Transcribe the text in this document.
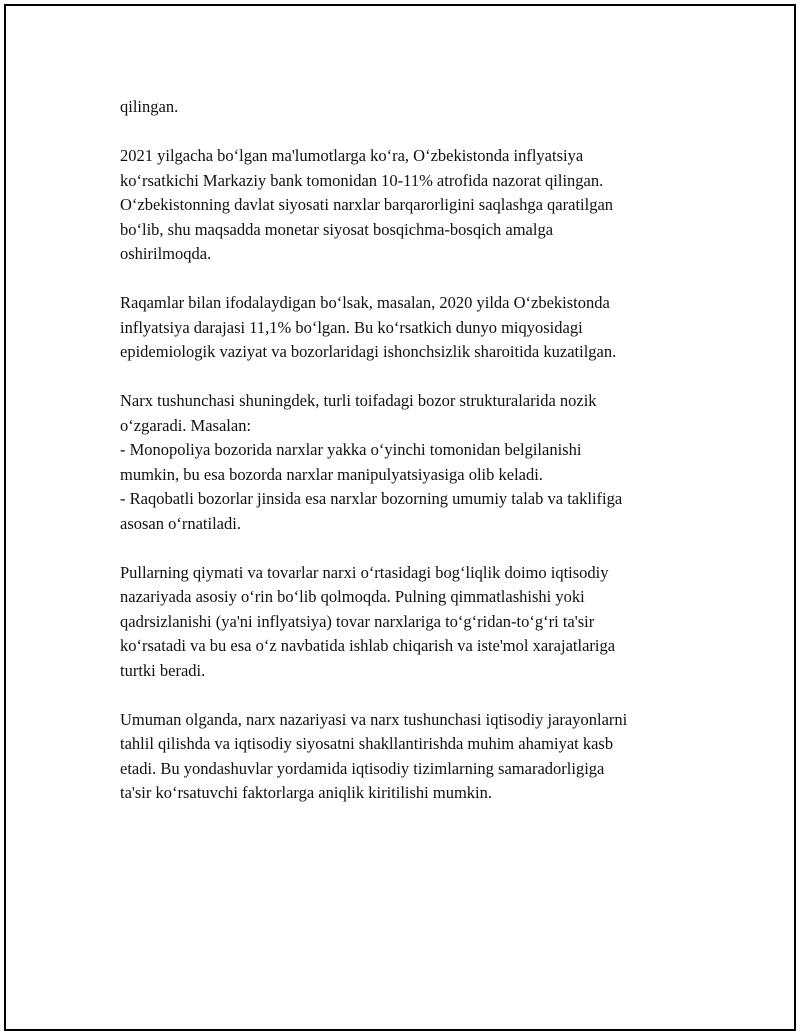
qilingan.

2021 yilgacha bo‘lgan ma'lumotlarga ko‘ra, O‘zbekistonda inflyatsiya
ko‘rsatkichi Markaziy bank tomonidan 10-11% atrofida nazorat qilingan.
O‘zbekistonning davlat siyosati narxlar barqarorligini saqlashga qaratilgan
bo‘lib, shu maqsadda monetar siyosat bosqichma-bosqich amalga
oshirilmoqda.

Raqamlar bilan ifodalaydigan bo‘lsak, masalan, 2020 yilda O‘zbekistonda
inflyatsiya darajasi 11,1% bo‘lgan. Bu ko‘rsatkich dunyo miqyosidagi
epidemiologik vaziyat va bozorlaridagi ishonchsizlik sharoitida kuzatilgan.

Narx tushunchasi shuningdek, turli toifadagi bozor strukturalarida nozik
o‘zgaradi. Masalan:
- Monopoliya bozorida narxlar yakka o‘yinchi tomonidan belgilanishi
mumkin, bu esa bozorda narxlar manipulyatsiyasiga olib keladi.
- Raqobatli bozorlar jinsida esa narxlar bozorning umumiy talab va taklifiga
asosan o‘rnatiladi.

Pullarning qiymati va tovarlar narxi o‘rtasidagi bog‘liqlik doimo iqtisodiy
nazariyada asosiy o‘rin bo‘lib qolmoqda. Pulning qimmatlashishi yoki
qadrsizlanishi (ya'ni inflyatsiya) tovar narxlariga to‘g‘ridan-to‘g‘ri ta'sir
ko‘rsatadi va bu esa o‘z navbatida ishlab chiqarish va iste'mol xarajatlariga
turtki beradi.

Umuman olganda, narx nazariyasi va narx tushunchasi iqtisodiy jarayonlarni
tahlil qilishda va iqtisodiy siyosatni shakllantirishda muhim ahamiyat kasb
etadi. Bu yondashuvlar yordamida iqtisodiy tizimlarning samaradorligiga
ta'sir ko‘rsatuvchi faktorlarga aniqlik kiritilishi mumkin.
